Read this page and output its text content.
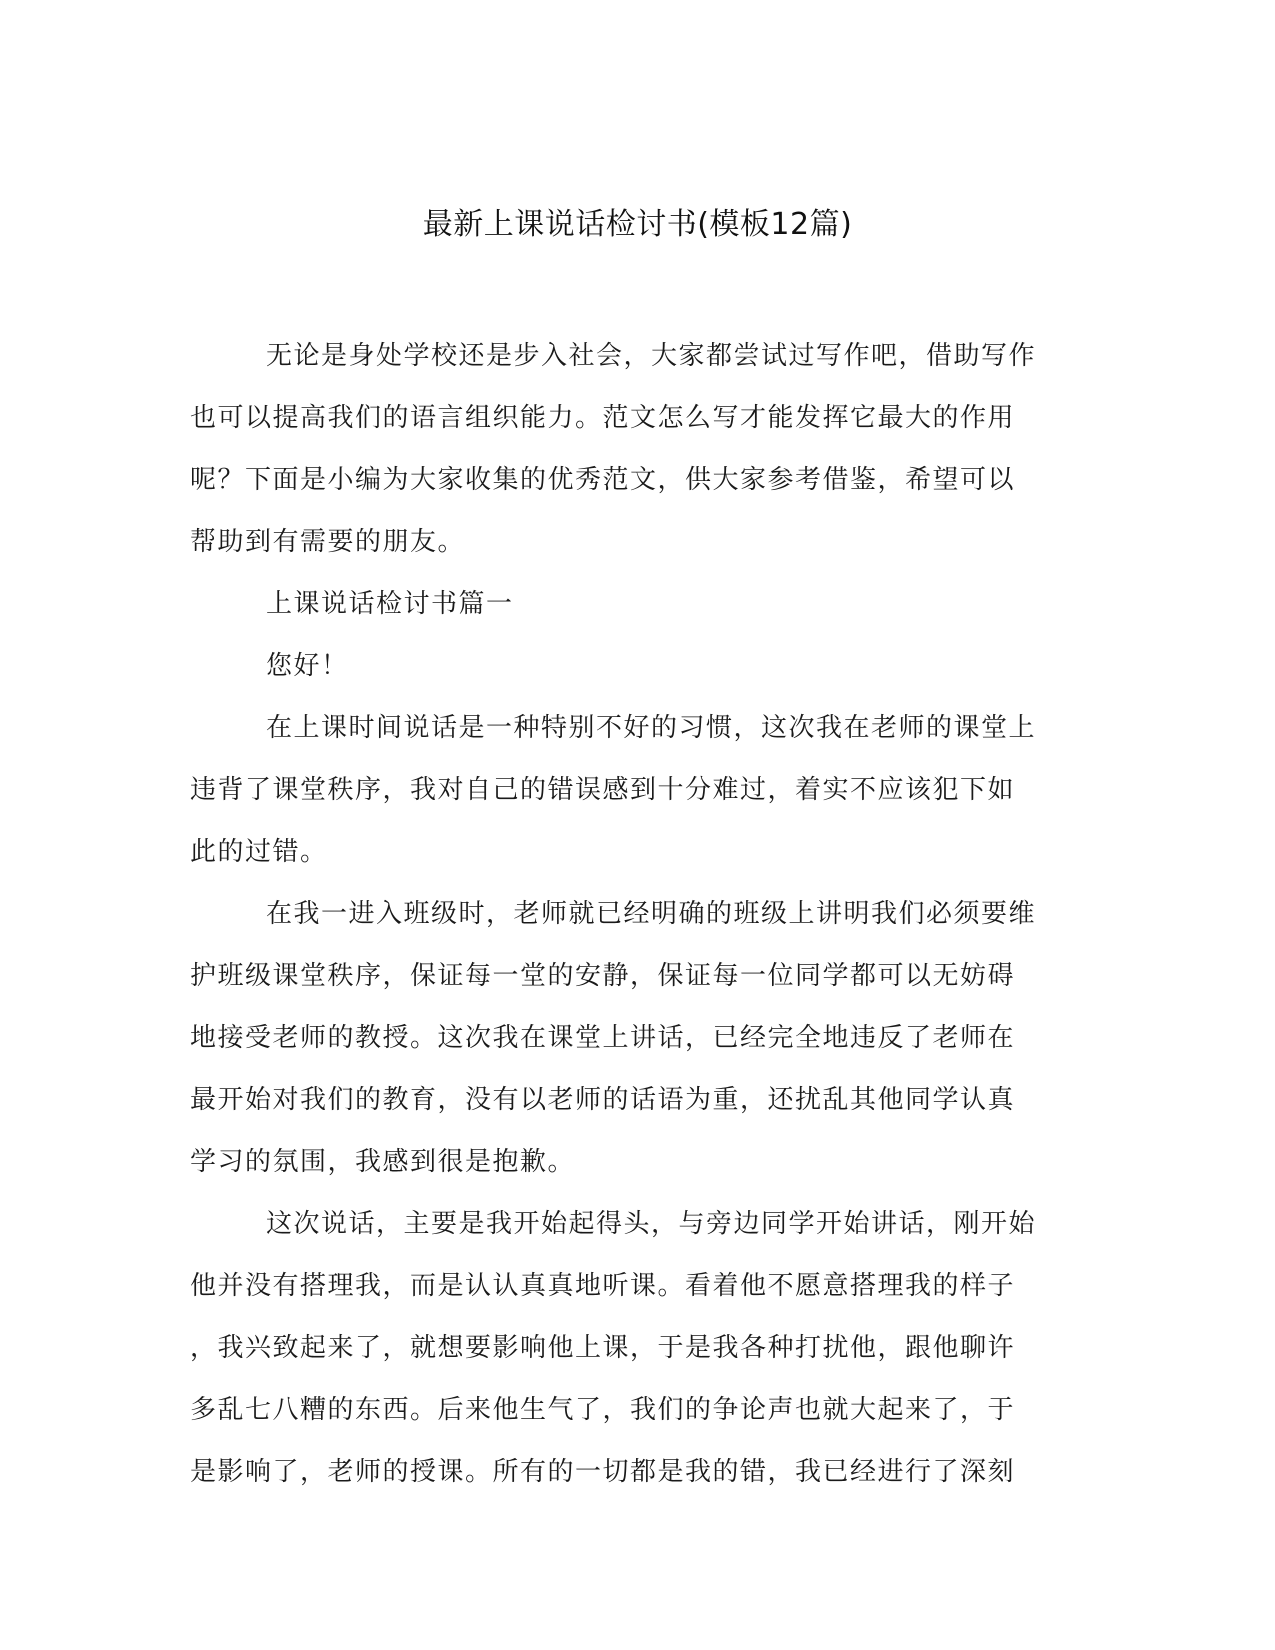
最新上课说话检讨书(模板12篇)
无论是身处学校还是步入社会，大家都尝试过写作吧，借助写作
也可以提高我们的语言组织能力。范文怎么写才能发挥它最大的作用
呢？下面是小编为大家收集的优秀范文，供大家参考借鉴，希望可以
帮助到有需要的朋友。
上课说话检讨书篇一
您好！
在上课时间说话是一种特别不好的习惯，这次我在老师的课堂上
违背了课堂秩序，我对自己的错误感到十分难过，着实不应该犯下如
此的过错。
在我一进入班级时，老师就已经明确的班级上讲明我们必须要维
护班级课堂秩序，保证每一堂的安静，保证每一位同学都可以无妨碍
地接受老师的教授。这次我在课堂上讲话，已经完全地违反了老师在
最开始对我们的教育，没有以老师的话语为重，还扰乱其他同学认真
学习的氛围，我感到很是抱歉。
这次说话，主要是我开始起得头，与旁边同学开始讲话，刚开始
他并没有搭理我，而是认认真真地听课。看着他不愿意搭理我的样子
，我兴致起来了，就想要影响他上课，于是我各种打扰他，跟他聊许
多乱七八糟的东西。后来他生气了，我们的争论声也就大起来了，于
是影响了，老师的授课。所有的一切都是我的错，我已经进行了深刻
